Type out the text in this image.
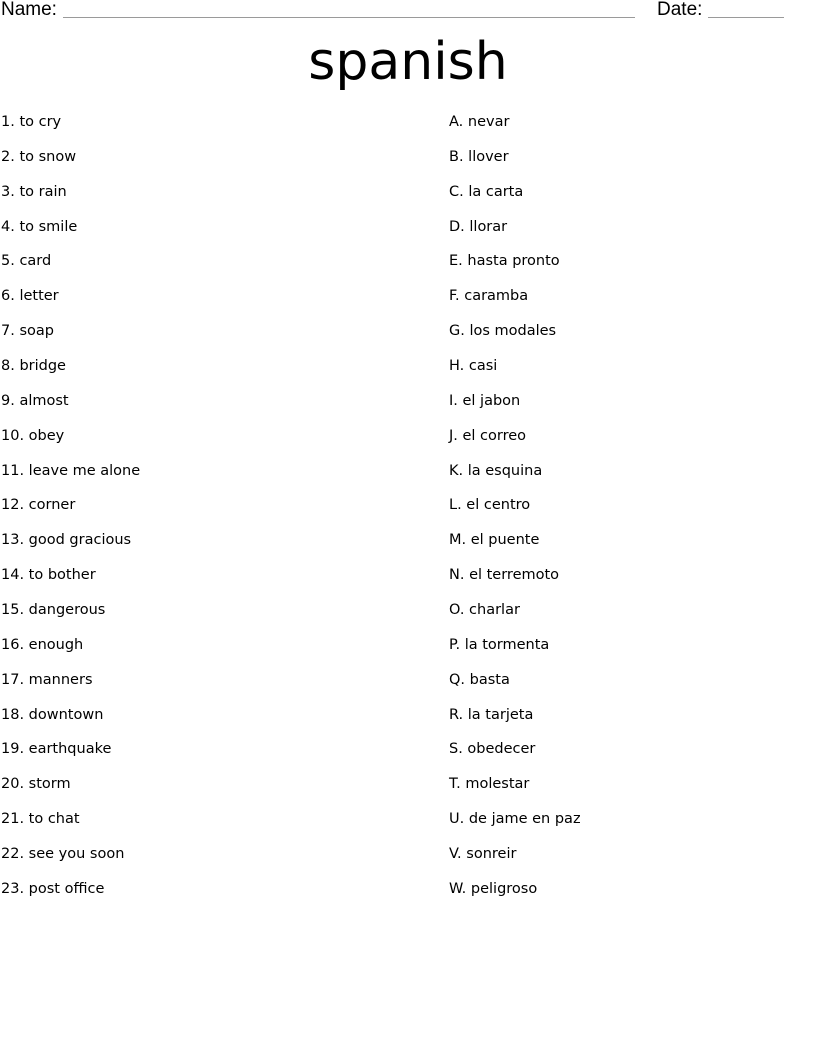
Name:	Date:
spanish
1. to cry
2. to snow
3. to rain
4. to smile
5. card
6. letter
7. soap
8. bridge
9. almost
10. obey
11. leave me alone
12. corner
13. good gracious
14. to bother
15. dangerous
16. enough
17. manners
18. downtown
19. earthquake
20. storm
21. to chat
22. see you soon
23. post office
A. nevar
B. llover
C. la carta
D. llorar
E. hasta pronto
F. caramba
G. los modales
H. casi
I. el jabon
J. el correo
K. la esquina
L. el centro
M. el puente
N. el terremoto
O. charlar
P. la tormenta
Q. basta
R. la tarjeta
S. obedecer
T. molestar
U. de jame en paz
V. sonreir
W. peligroso
